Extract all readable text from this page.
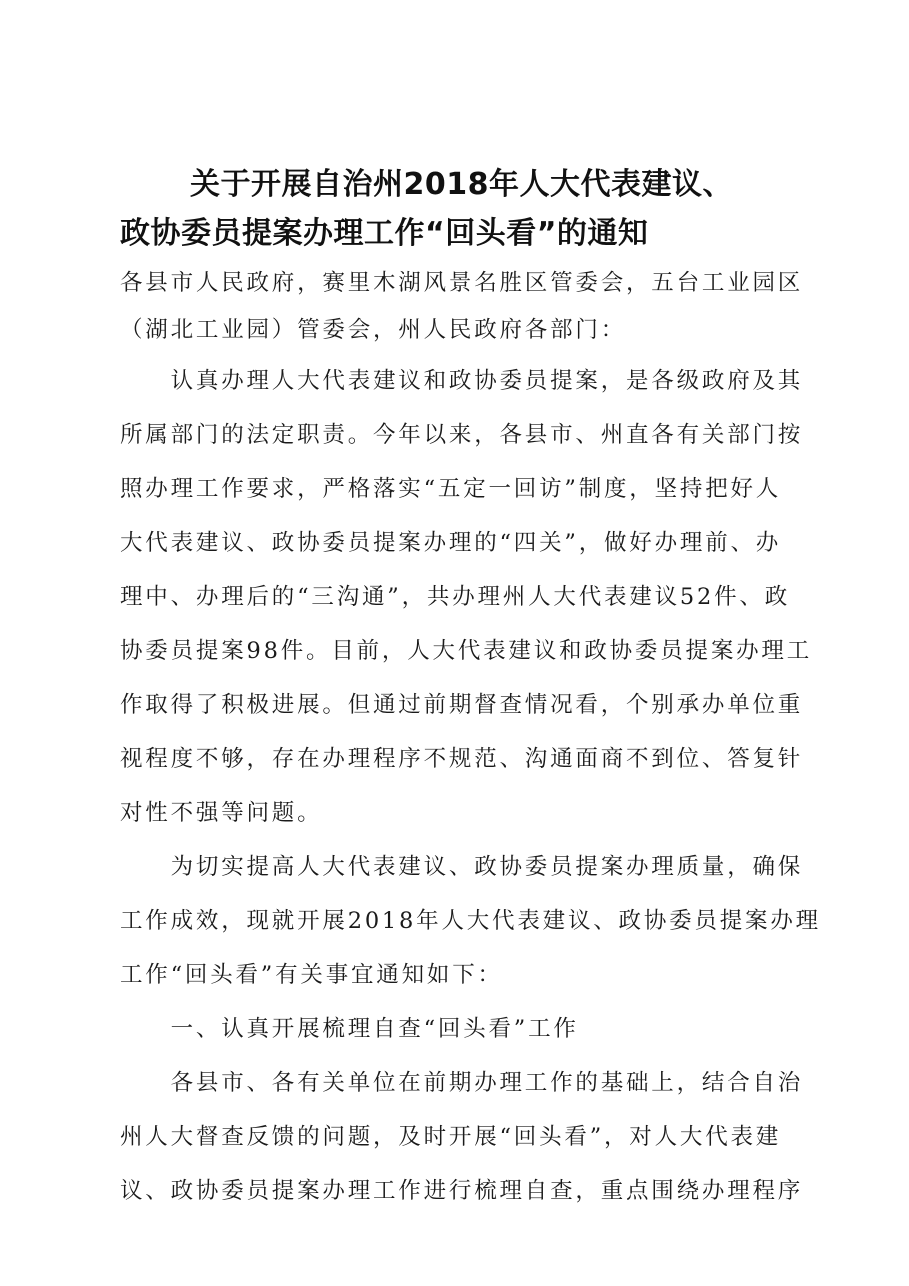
关于开展自治州2018年人大代表建议、
政协委员提案办理工作“回头看”的通知
各县市人民政府，赛里木湖风景名胜区管委会，五台工业园区
（湖北工业园）管委会，州人民政府各部门：
　　认真办理人大代表建议和政协委员提案，是各级政府及其
所属部门的法定职责。今年以来，各县市、州直各有关部门按
照办理工作要求，严格落实“五定一回访”制度，坚持把好人
大代表建议、政协委员提案办理的“四关”，做好办理前、办
理中、办理后的“三沟通”，共办理州人大代表建议52件、政
协委员提案98件。目前，人大代表建议和政协委员提案办理工
作取得了积极进展。但通过前期督查情况看，个别承办单位重
视程度不够，存在办理程序不规范、沟通面商不到位、答复针
对性不强等问题。
　　为切实提高人大代表建议、政协委员提案办理质量，确保
工作成效，现就开展2018年人大代表建议、政协委员提案办理
工作“回头看”有关事宜通知如下：
　　一、认真开展梳理自查“回头看”工作
　　各县市、各有关单位在前期办理工作的基础上，结合自治
州人大督查反馈的问题，及时开展“回头看”，对人大代表建
议、政协委员提案办理工作进行梳理自查，重点围绕办理程序
